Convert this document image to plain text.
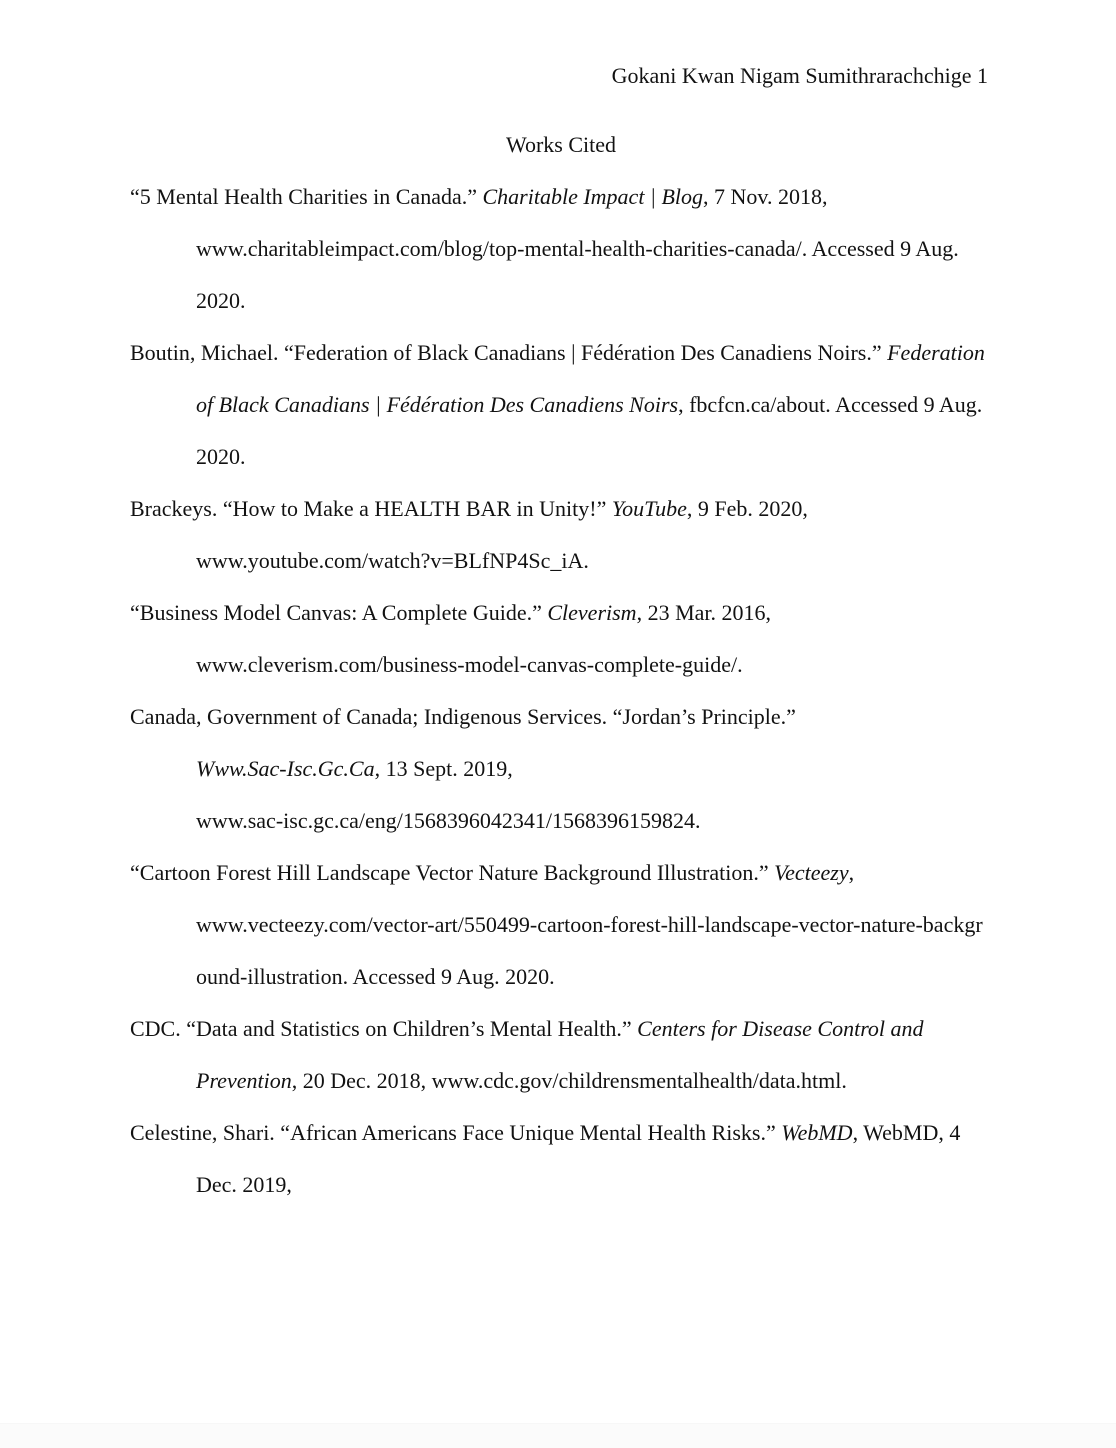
Gokani Kwan Nigam Sumithrarachchige 1
Works Cited
“5 Mental Health Charities in Canada.” Charitable Impact | Blog, 7 Nov. 2018,
www.charitableimpact.com/blog/top-mental-health-charities-canada/. Accessed 9 Aug.
2020.
Boutin, Michael. “Federation of Black Canadians | Fédération Des Canadiens Noirs.” Federation
of Black Canadians | Fédération Des Canadiens Noirs, fbcfcn.ca/about. Accessed 9 Aug.
2020.
Brackeys. “How to Make a HEALTH BAR in Unity!” YouTube, 9 Feb. 2020,
www.youtube.com/watch?v=BLfNP4Sc_iA.
“Business Model Canvas: A Complete Guide.” Cleverism, 23 Mar. 2016,
www.cleverism.com/business-model-canvas-complete-guide/.
Canada, Government of Canada; Indigenous Services. “Jordan’s Principle.”
Www.Sac-Isc.Gc.Ca, 13 Sept. 2019,
www.sac-isc.gc.ca/eng/1568396042341/1568396159824.
“Cartoon Forest Hill Landscape Vector Nature Background Illustration.” Vecteezy,
www.vecteezy.com/vector-art/550499-cartoon-forest-hill-landscape-vector-nature-backgr
ound-illustration. Accessed 9 Aug. 2020.
CDC. “Data and Statistics on Children’s Mental Health.” Centers for Disease Control and
Prevention, 20 Dec. 2018, www.cdc.gov/childrensmentalhealth/data.html.
Celestine, Shari. “African Americans Face Unique Mental Health Risks.” WebMD, WebMD, 4
Dec. 2019,
